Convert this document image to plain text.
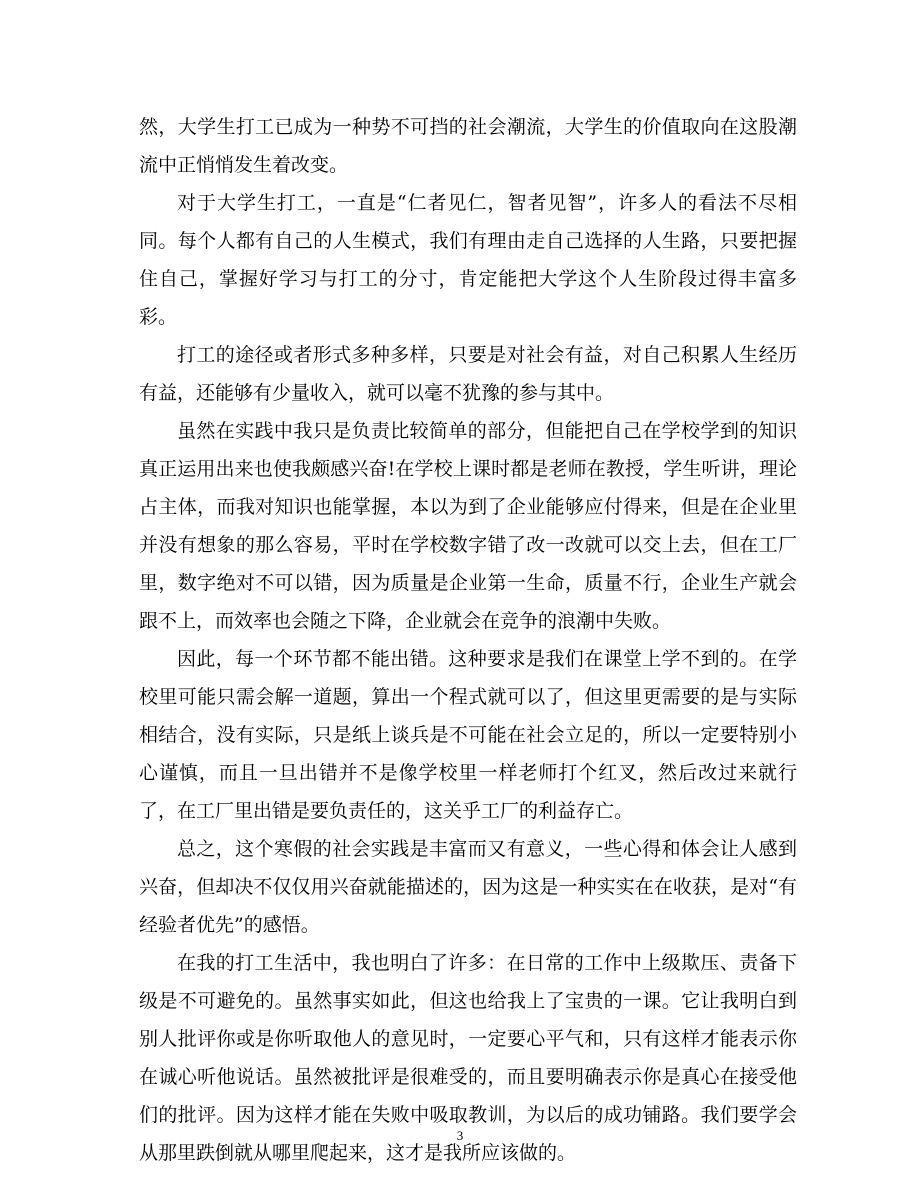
然，大学生打工已成为一种势不可挡的社会潮流，大学生的价值取向在这股潮流中正悄悄发生着改变。

对于大学生打工，一直是“仁者见仁，智者见智”，许多人的看法不尽相同。每个人都有自己的人生模式，我们有理由走自己选择的人生路，只要把握住自己，掌握好学习与打工的分寸，肯定能把大学这个人生阶段过得丰富多彩。

打工的途径或者形式多种多样，只要是对社会有益，对自己积累人生经历有益，还能够有少量收入，就可以毫不犹豫的参与其中。

虽然在实践中我只是负责比较简单的部分，但能把自己在学校学到的知识真正运用出来也使我颇感兴奋!在学校上课时都是老师在教授，学生听讲，理论占主体，而我对知识也能掌握，本以为到了企业能够应付得来，但是在企业里并没有想象的那么容易，平时在学校数字错了改一改就可以交上去，但在工厂里，数字绝对不可以错，因为质量是企业第一生命，质量不行，企业生产就会跟不上，而效率也会随之下降，企业就会在竞争的浪潮中失败。

因此，每一个环节都不能出错。这种要求是我们在课堂上学不到的。在学校里可能只需会解一道题，算出一个程式就可以了，但这里更需要的是与实际相结合，没有实际，只是纸上谈兵是不可能在社会立足的，所以一定要特别小心谨慎，而且一旦出错并不是像学校里一样老师打个红叉，然后改过来就行了，在工厂里出错是要负责任的，这关乎工厂的利益存亡。

总之，这个寒假的社会实践是丰富而又有意义，一些心得和体会让人感到兴奋，但却决不仅仅用兴奋就能描述的，因为这是一种实实在在收获，是对“有经验者优先”的感悟。

在我的打工生活中，我也明白了许多：在日常的工作中上级欺压、责备下级是不可避免的。虽然事实如此，但这也给我上了宝贵的一课。它让我明白到别人批评你或是你听取他人的意见时，一定要心平气和，只有这样才能表示你在诚心听他说话。虽然被批评是很难受的，而且要明确表示你是真心在接受他们的批评。因为这样才能在失败中吸取教训，为以后的成功铺路。我们要学会从那里跌倒就从哪里爬起来，这才是我所应该做的。

3
